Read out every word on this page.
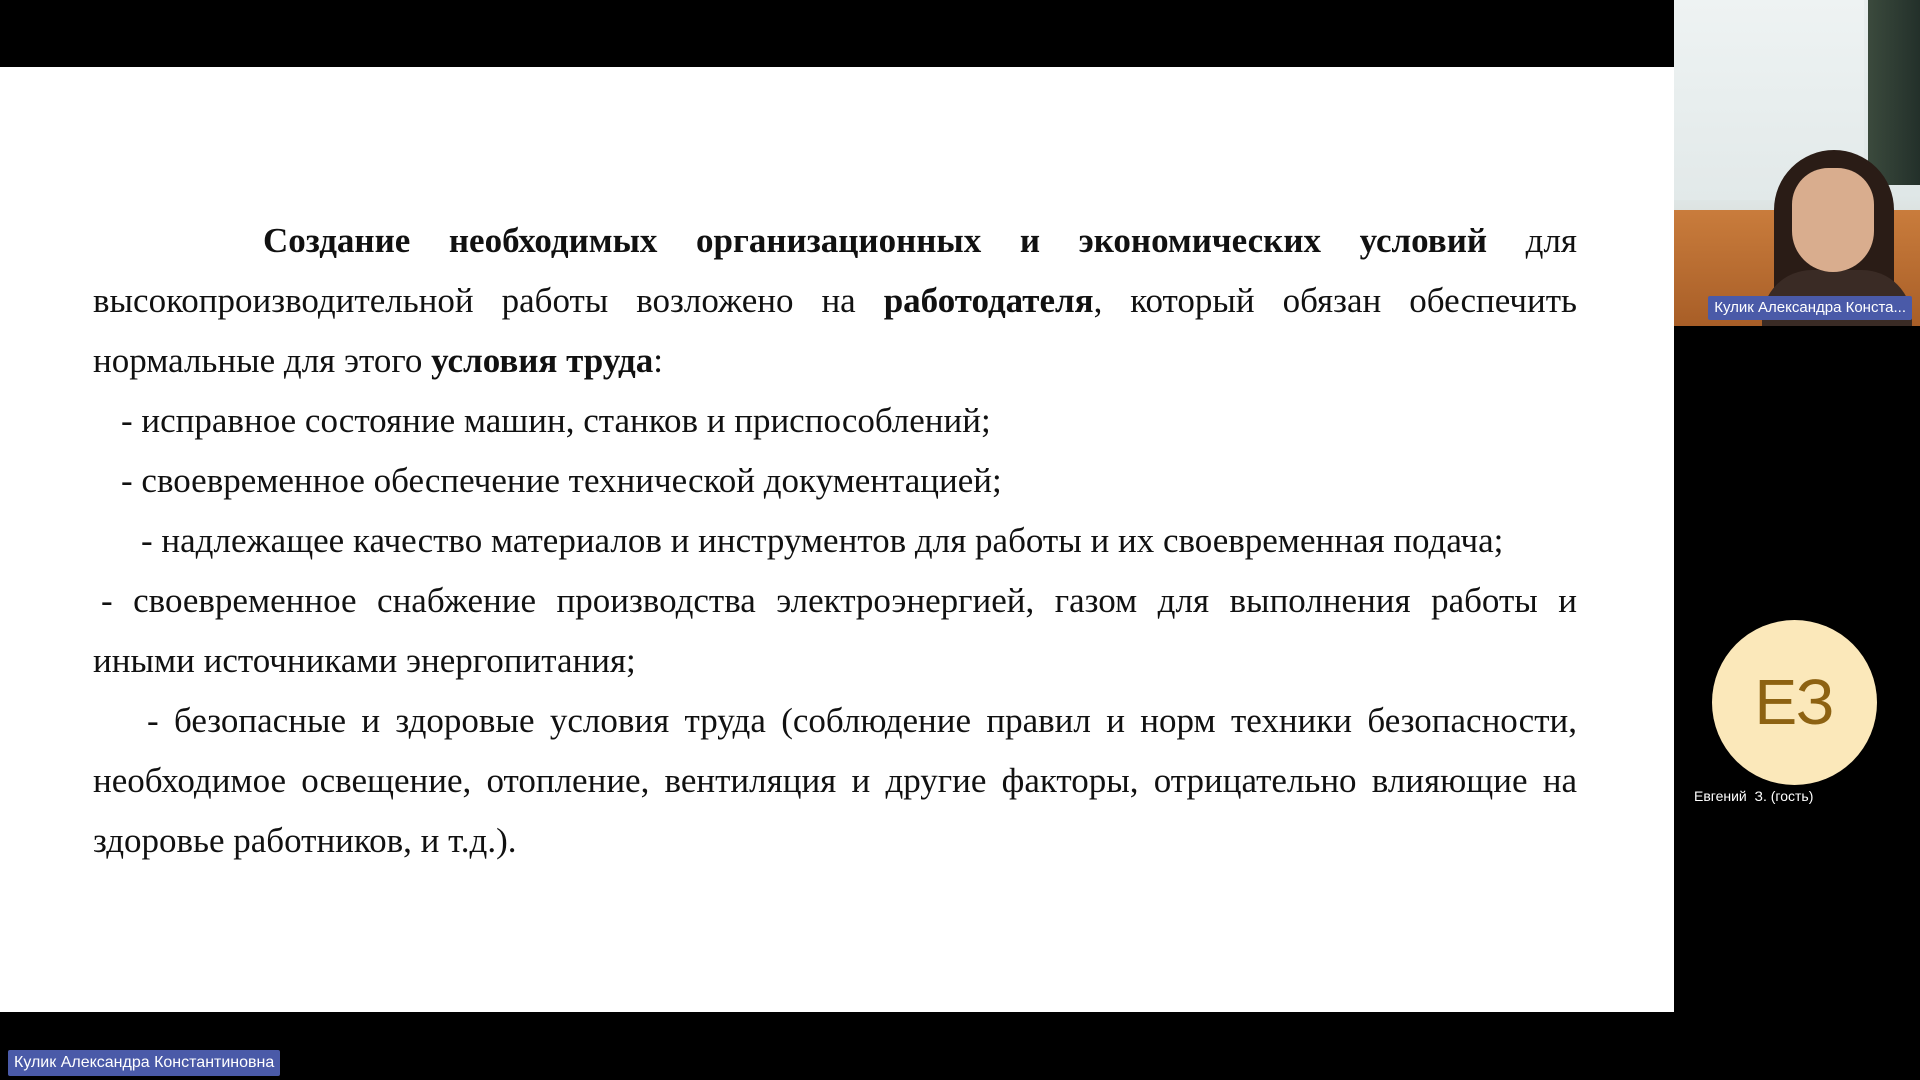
Создание необходимых организационных и экономических условий для высокопроизводительной работы возложено на работодателя, который обязан обеспечить нормальные для этого условия труда:

- исправное состояние машин, станков и приспособлений;

- своевременное обеспечение технической документацией;

- надлежащее качество материалов и инструментов для работы и их своевременная подача;

- своевременное снабжение производства электроэнергией, газом для выполнения работы и иными источниками энергопитания;

- безопасные и здоровые условия труда (соблюдение правил и норм техники безопасности, необходимое освещение, отопление, вентиляция и другие факторы, отрицательно влияющие на здоровье работников, и т.д.).

Кулик Александра Константиновна
Кулик Александра Конста...
ЕЗ
Евгений  З. (гость)
